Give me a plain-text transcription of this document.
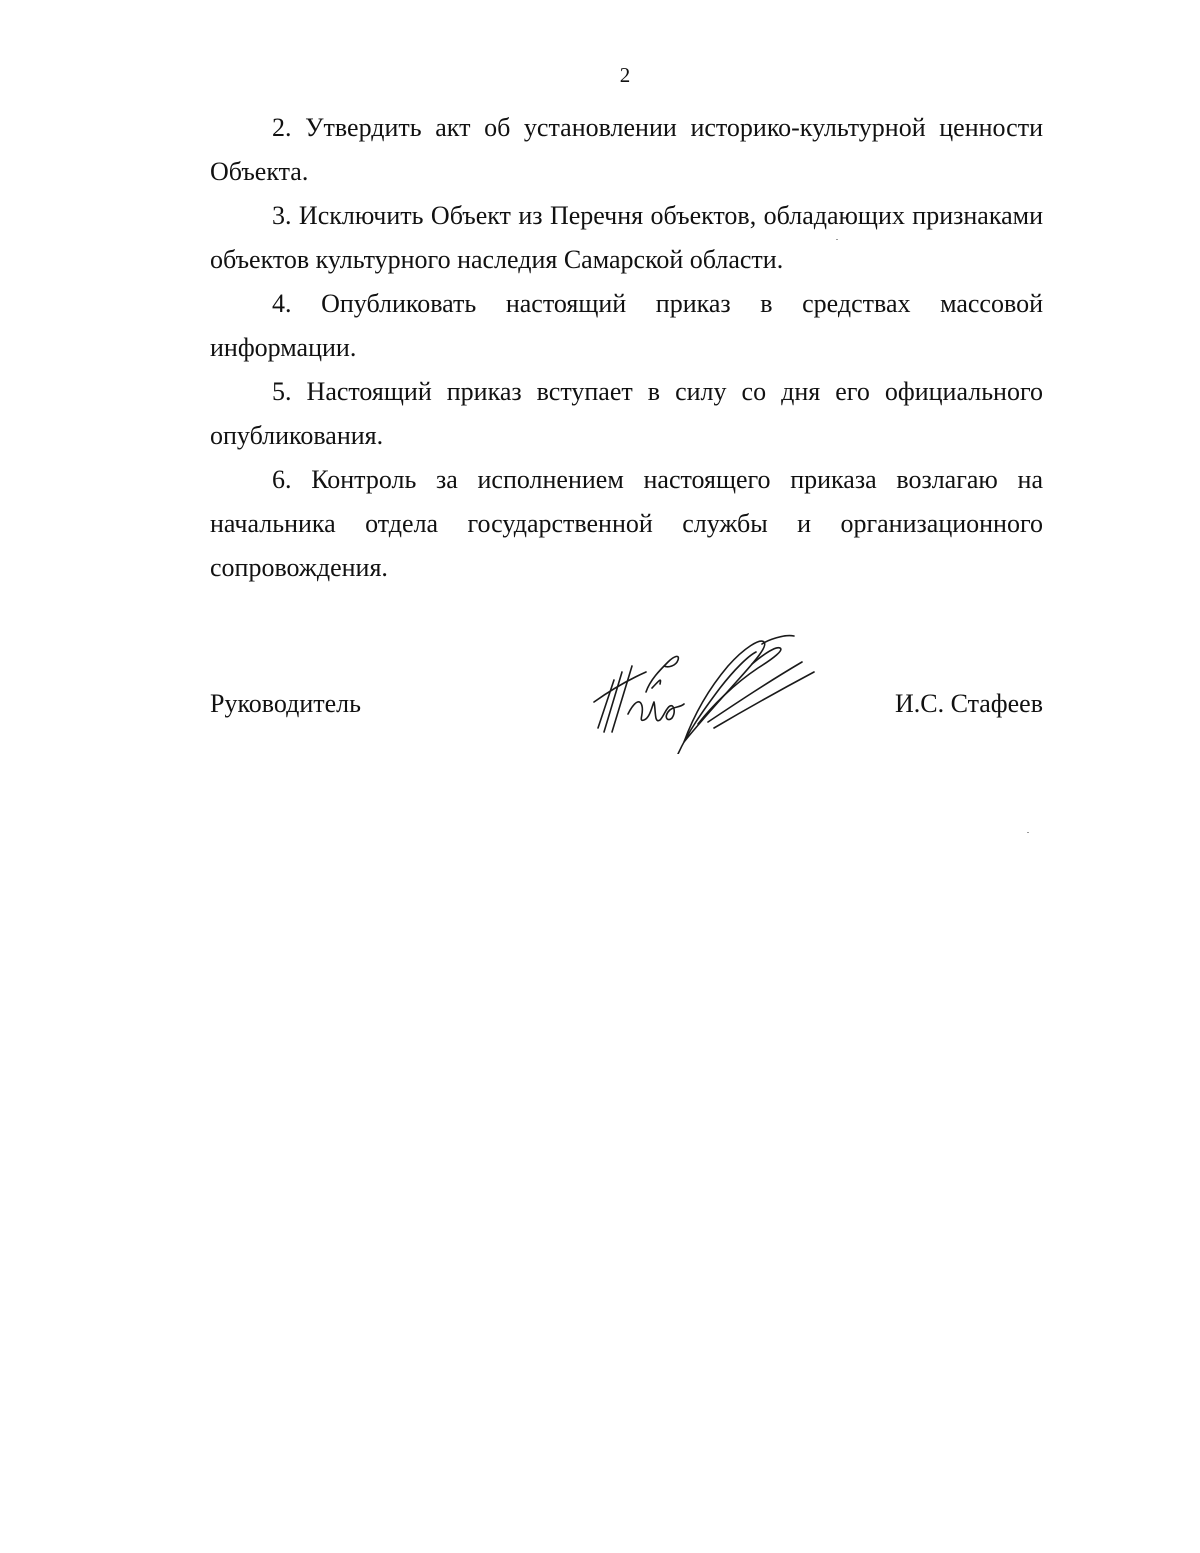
2

2. Утвердить акт об установлении историко-культурной ценности Объекта.

3. Исключить Объект из Перечня объектов, обладающих признаками объектов культурного наследия Самарской области.

4. Опубликовать настоящий приказ в средствах массовой информации.

5. Настоящий приказ вступает в силу со дня его официального опубликования.

6. Контроль за исполнением настоящего приказа возлагаю на начальника отдела государственной службы и организационного сопровождения.

Руководитель	И.С. Стафеев
